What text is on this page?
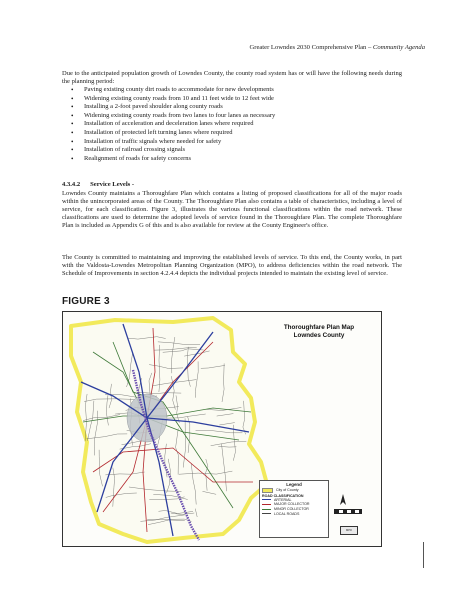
Greater Lowndes 2030 Comprehensive Plan – Community Agenda
Due to the anticipated population growth of Lowndes County, the county road system has or will have the following needs during the planning period:
• Paving existing county dirt roads to accommodate for new developments
• Widening existing county roads from 10 and 11 feet wide to 12 feet wide
• Installing a 2-foot paved shoulder along county roads
• Widening existing county roads from two lanes to four lanes as necessary
• Installation of acceleration and deceleration lanes where required
• Installation of protected left turning lanes where required
• Installation of traffic signals where needed for safety
• Installation of railroad crossing signals
• Realignment of roads for safety concerns
4.3.4.2 Service Levels -
Lowndes County maintains a Thoroughfare Plan which contains a listing of proposed classifications for all of the major roads within the unincorporated areas of the County. The Thoroughfare Plan also contains a table of characteristics, including a level of service, for each classification. Figure 3, illustrates the various functional classifications within the road network. These classifications are used to determine the adopted levels of service found in the Thoroughfare Plan. The complete Thoroughfare Plan is included as Appendix G of this and is also available for review at the County Engineer's office.
The County is committed to maintaining and improving the established levels of service. To this end, the County works, in part with the Valdosta-Lowndes Metropolitan Planning Organization (MPO), to address deficiencies within the road network. The Schedule of Improvements in section 4.2.4.4 depicts the individual projects intended to maintain the existing level of service.
FIGURE 3
Thoroughfare Plan Map
Lowndes County
Legend
City of County
ROAD CLASSIFICATION
ARTERIAL
MAJOR COLLECTOR
MINOR COLLECTOR
LOCAL ROADS
MPO
